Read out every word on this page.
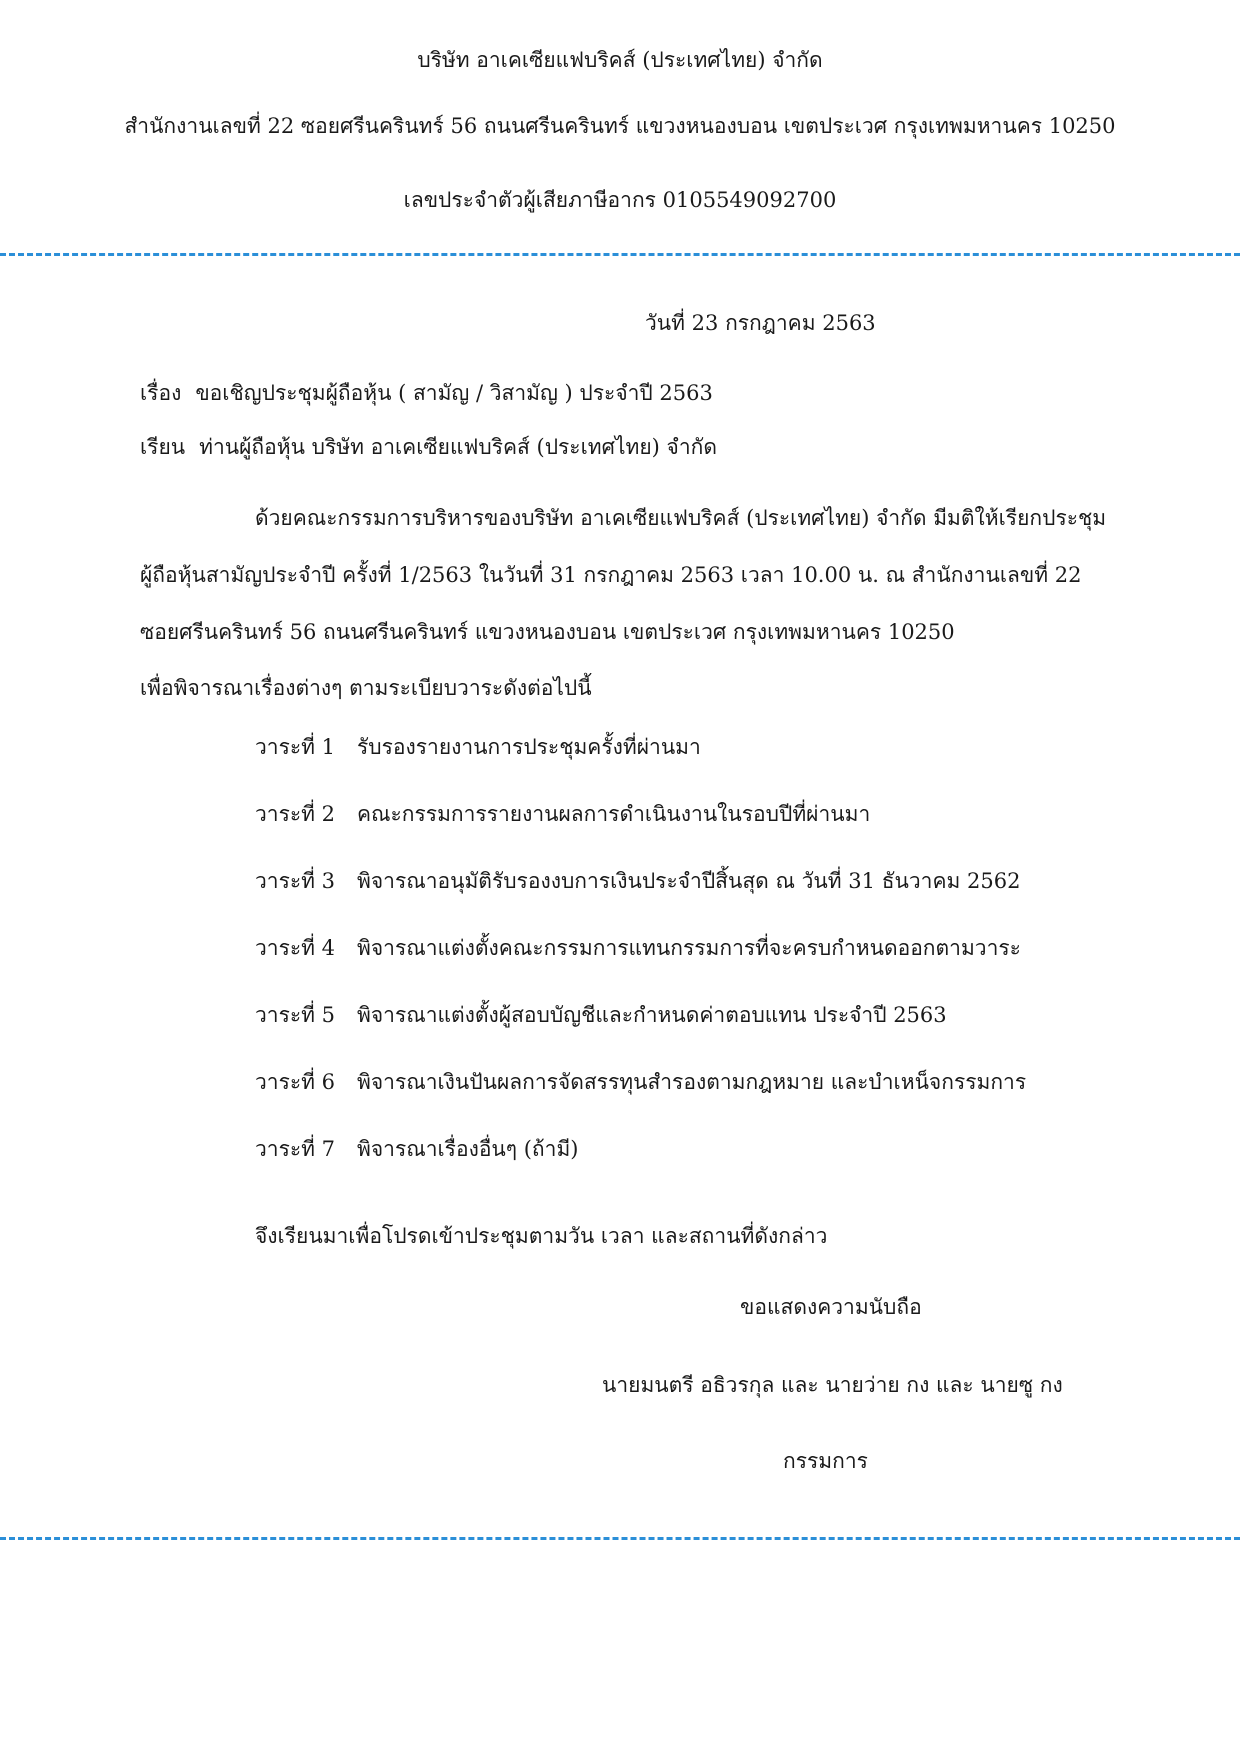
บริษัท อาเคเซียแฟบริคส์ (ประเทศไทย) จำกัด
สำนักงานเลขที่ 22 ซอยศรีนครินทร์ 56 ถนนศรีนครินทร์ แขวงหนองบอน เขตประเวศ กรุงเทพมหานคร 10250
เลขประจำตัวผู้เสียภาษีอากร 0105549092700
วันที่ 23 กรกฎาคม 2563
เรื่อง ขอเชิญประชุมผู้ถือหุ้น ( สามัญ / วิสามัญ ) ประจำปี 2563
เรียน ท่านผู้ถือหุ้น บริษัท อาเคเซียแฟบริคส์ (ประเทศไทย) จำกัด
ด้วยคณะกรรมการบริหารของบริษัท อาเคเซียแฟบริคส์ (ประเทศไทย) จำกัด มีมติให้เรียกประชุม
ผู้ถือหุ้นสามัญประจำปี ครั้งที่ 1/2563 ในวันที่ 31 กรกฎาคม 2563 เวลา 10.00 น. ณ สำนักงานเลขที่ 22
ซอยศรีนครินทร์ 56 ถนนศรีนครินทร์ แขวงหนองบอน เขตประเวศ กรุงเทพมหานคร 10250
เพื่อพิจารณาเรื่องต่างๆ ตามระเบียบวาระดังต่อไปนี้
วาระที่ 1 รับรองรายงานการประชุมครั้งที่ผ่านมา
วาระที่ 2 คณะกรรมการรายงานผลการดำเนินงานในรอบปีที่ผ่านมา
วาระที่ 3 พิจารณาอนุมัติรับรองงบการเงินประจำปีสิ้นสุด ณ วันที่ 31 ธันวาคม 2562
วาระที่ 4 พิจารณาแต่งตั้งคณะกรรมการแทนกรรมการที่จะครบกำหนดออกตามวาระ
วาระที่ 5 พิจารณาแต่งตั้งผู้สอบบัญชีและกำหนดค่าตอบแทน ประจำปี 2563
วาระที่ 6 พิจารณาเงินปันผลการจัดสรรทุนสำรองตามกฎหมาย และบำเหน็จกรรมการ
วาระที่ 7 พิจารณาเรื่องอื่นๆ (ถ้ามี)
จึงเรียนมาเพื่อโปรดเข้าประชุมตามวัน เวลา และสถานที่ดังกล่าว
ขอแสดงความนับถือ
นายมนตรี อธิวรกุล และ นายว่าย กง และ นายซู กง
กรรมการ
